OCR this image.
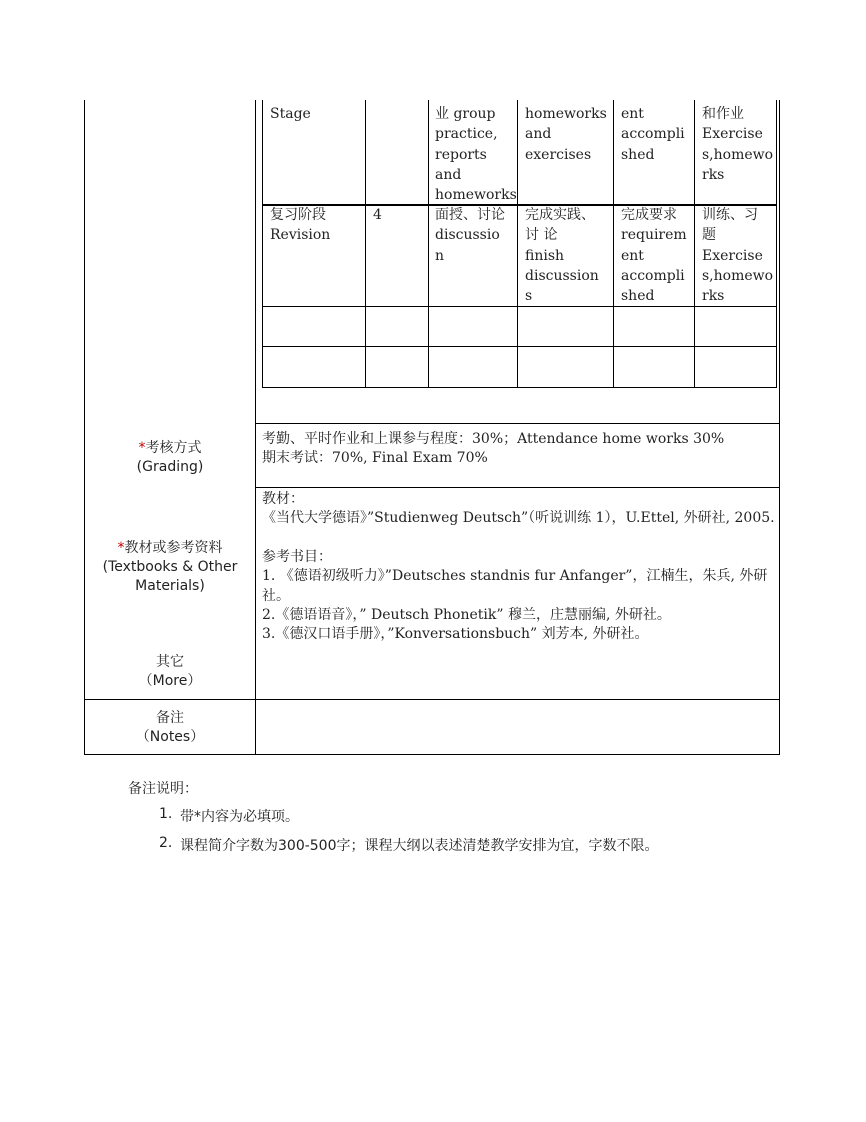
Stage	业 group
practice,
reports
and
homeworks
homeworks
and
exercises
ent
accompli
shed
和作业
Exercise
s,homewo
rks
复习阶段
Revision
4	面授、讨论
discussio
n
完成实践、
讨 论
finish
discussion
s
完成要求
requirem
ent
accompli
shed
训练、习
题
Exercise
s,homewo
rks
*考核方式
(Grading)
考勤、平时作业和上课参与程度：30%；Attendance home works 30%
期末考试：70%, Final Exam 70%
*教材或参考资料
(Textbooks & Other
Materials)
教材：
《当代大学德语》”Studienweg Deutsch”（听说训练 1），U.Ettel, 外研社, 2005.
参考书目：
1. 《德语初级听力》”Deutsches standnis fur Anfanger”，江楠生，朱兵, 外研社。
2.《德语语音》，” Deutsch Phonetik” 穆兰，庄慧丽编, 外研社。
3.《德汉口语手册》，”Konversationsbuch” 刘芳本, 外研社。
其它
（More）
备注
（Notes）
备注说明：
1. 带*内容为必填项。
2. 课程简介字数为300-500字；课程大纲以表述清楚教学安排为宜，字数不限。
